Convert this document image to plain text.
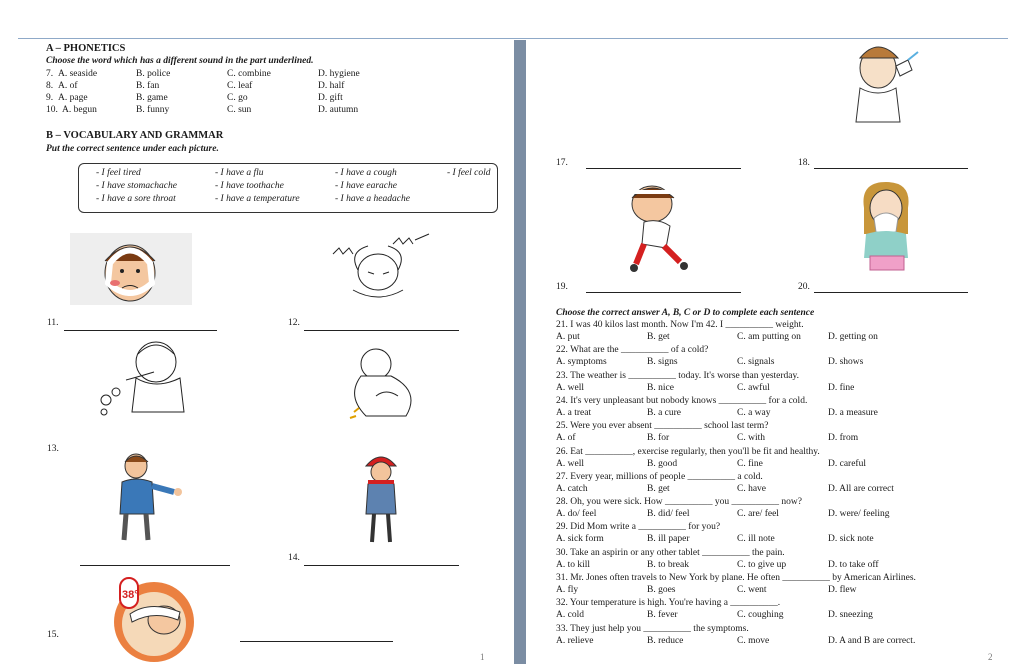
A – PHONETICS
Choose the word which has a different sound in the part underlined.
7. A. seaside	B. police	C. combine	D. hygiene
8. A. of	B. fan	C. leaf	D. half
9. A. page	B. game	C. go	D. gift
10. A. begun	B. funny	C. sun	D. autumn
B – VOCABULARY AND GRAMMAR
Put the correct sentence under each picture.
- I feel tired	- I have a flu	- I have a cough	- I feel cold
- I have stomachache	- I have toothache	- I have earache
- I have a sore throat	- I have a temperature	- I have a headache
11.	12.
13.
14.
38°
15.
1
17.	18.
19.	20.
Choose the correct answer A, B, C or D to complete each sentence
21. I was 40 kilos last month. Now I'm 42. I __________ weight.
A. put	B. get	C. am putting on	D. getting on
22. What are the __________ of a cold?
A. symptoms	B. signs	C. signals	D. shows
23. The weather is __________ today. It's worse than yesterday.
A. well	B. nice	C. awful	D. fine
24. It's very unpleasant but nobody knows __________ for a cold.
A. a treat	B. a cure	C. a way	D. a measure
25. Were you ever absent __________ school last term?
A. of	B. for	C. with	D. from
26. Eat __________, exercise regularly, then you'll be fit and healthy.
A. well	B. good	C. fine	D. careful
27. Every year, millions of people __________ a cold.
A. catch	B. get	C. have	D. All are correct
28. Oh, you were sick. How __________ you __________ now?
A. do/ feel	B. did/ feel	C. are/ feel	D. were/ feeling
29. Did Mom write a __________ for you?
A. sick form	B. ill paper	C. ill note	D. sick note
30. Take an aspirin or any other tablet __________ the pain.
A. to kill	B. to break	C. to give up	D. to take off
31. Mr. Jones often travels to New York by plane. He often __________ by American Airlines.
A. fly	B. goes	C. went	D. flew
32. Your temperature is high. You're having a __________.
A. cold	B. fever	C. coughing	D. sneezing
33. They just help you __________ the symptoms.
A. relieve	B. reduce	C. move	D. A and B are correct.
2
